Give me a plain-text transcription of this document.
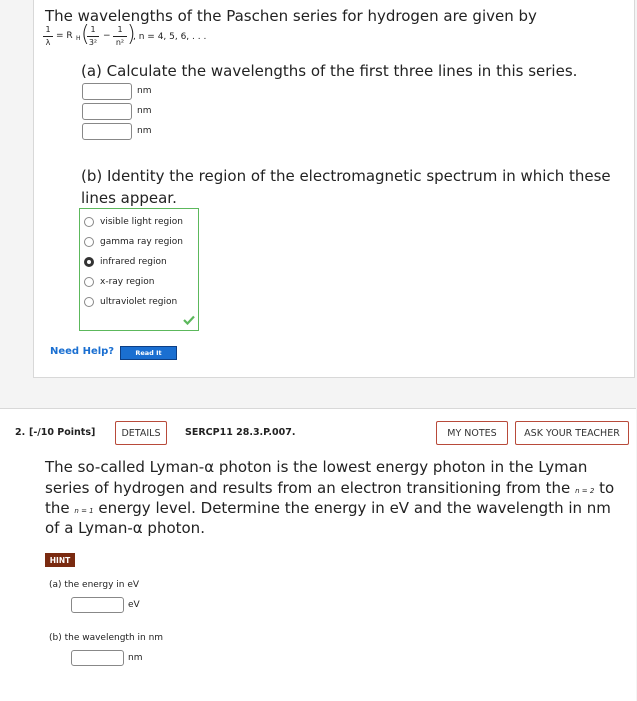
The wavelengths of the Paschen series for hydrogen are given by
1
λ
= R H ( 1
3²
−
1
n² )
, n = 4, 5, 6, . . .
(a) Calculate the wavelengths of the first three lines in this series.
nm
nm
nm
(b) Identity the region of the electromagnetic spectrum in which these
lines appear.
visible light region
gamma ray region
infrared region
x-ray region
ultraviolet region
Need Help?	Read It
2. [-/10 Points]	DETAILS	SERCP11 28.3.P.007.	MY NOTES	ASK YOUR TEACHER
The so-called Lyman-α photon is the lowest energy photon in the Lyman
series of hydrogen and results from an electron transitioning from the n = 2 to
the n = 1 energy level. Determine the energy in eV and the wavelength in nm
of a Lyman-α photon.
HINT
(a) the energy in eV
eV
(b) the wavelength in nm
nm
